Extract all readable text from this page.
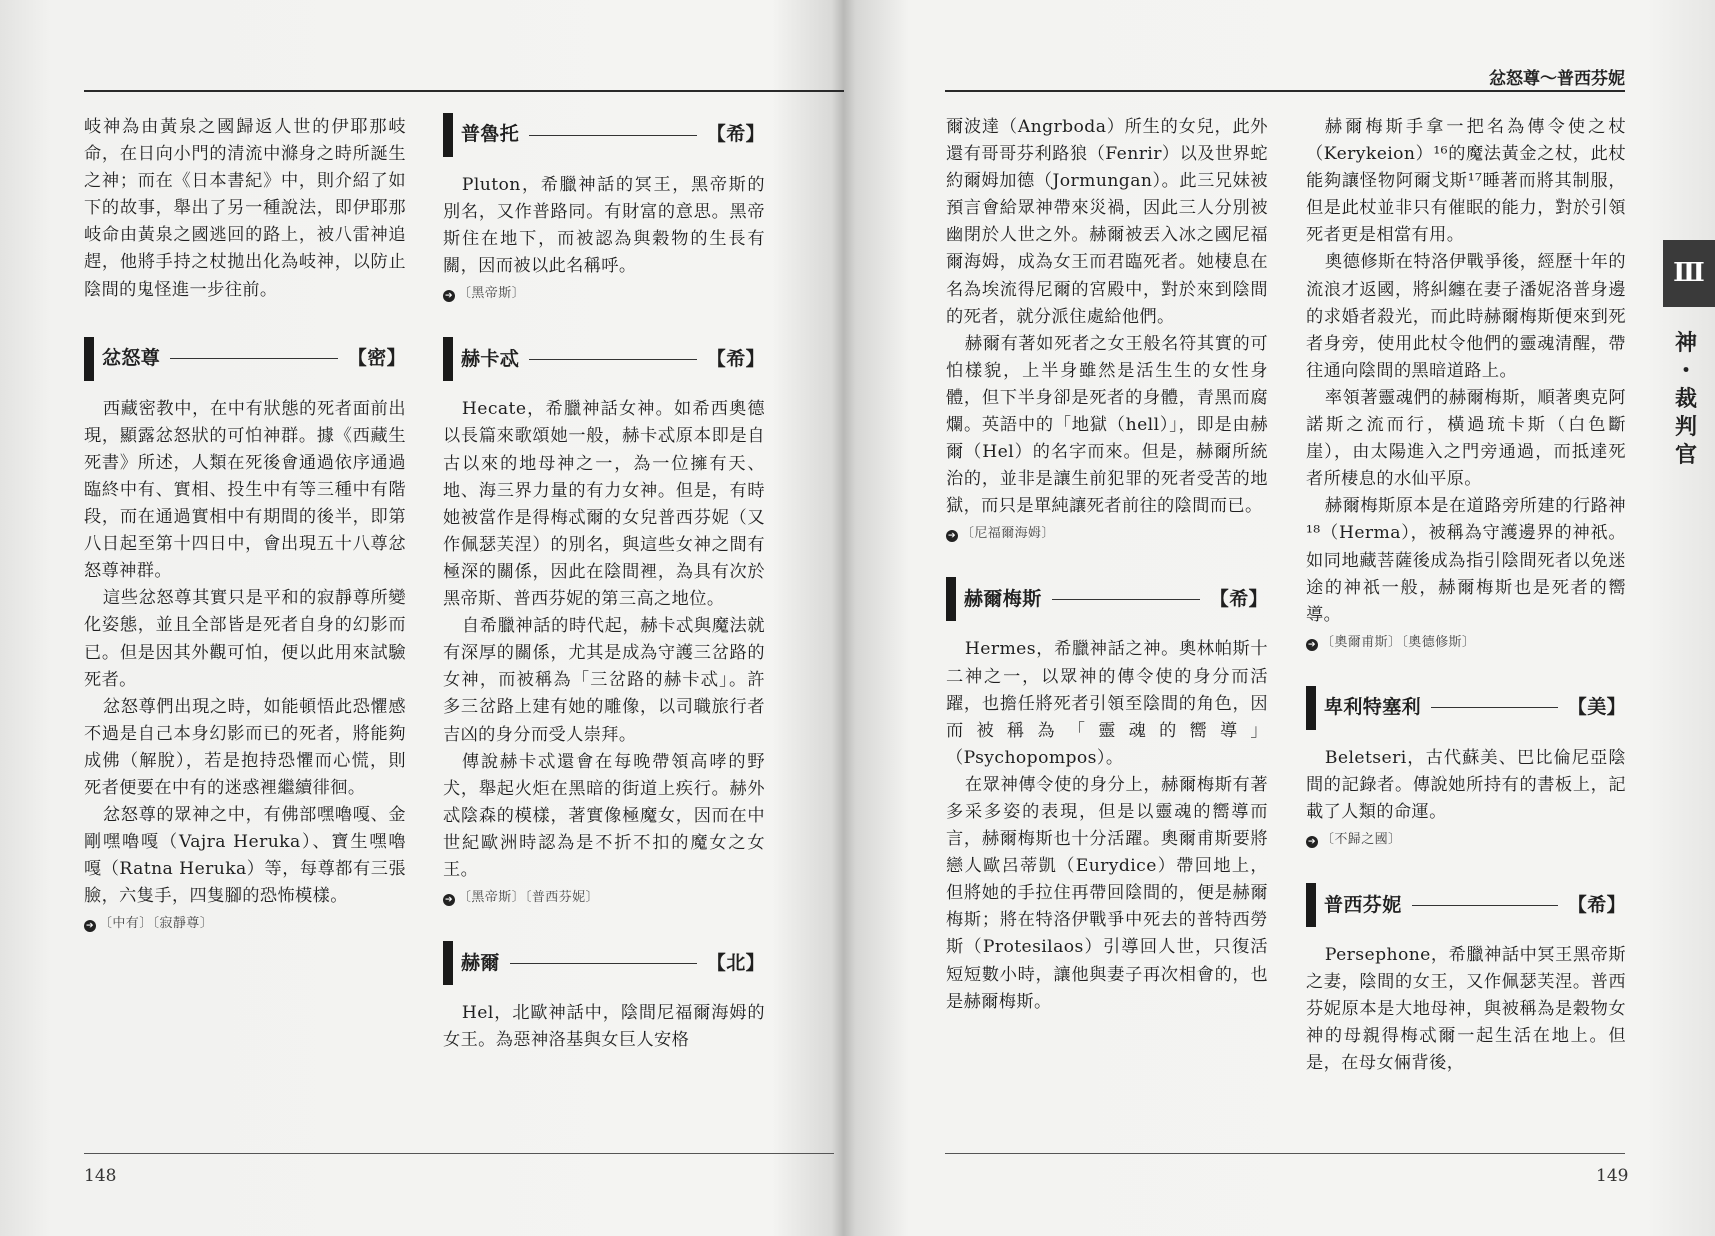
忿怒尊～普西芬妮
148	149
Ⅲ
神
・
裁
判
官

岐神為由黃泉之國歸返人世的伊耶那岐命，在日向小門的清流中滌身之時所誕生之神；而在《日本書紀》中，則介紹了如下的故事，舉出了另一種說法，即伊耶那岐命由黃泉之國逃回的路上，被八雷神追趕，他將手持之杖拋出化為岐神，以防止陰間的鬼怪進一步往前。

忿怒尊	【密】

西藏密教中，在中有狀態的死者面前出現，顯露忿怒狀的可怕神群。據《西藏生死書》所述，人類在死後會通過依序通過臨終中有、實相、投生中有等三種中有階段，而在通過實相中有期間的後半，即第八日起至第十四日中，會出現五十八尊忿怒尊神群。

這些忿怒尊其實只是平和的寂靜尊所變化姿態，並且全部皆是死者自身的幻影而已。但是因其外觀可怕，便以此用來試驗死者。

忿怒尊們出現之時，如能頓悟此恐懼感不過是自己本身幻影而已的死者，將能夠成佛（解脫），若是抱持恐懼而心慌，則死者便要在中有的迷惑裡繼續徘徊。

忿怒尊的眾神之中，有佛部嘿嚕嘎、金剛嘿嚕嘎（Vajra Heruka）、寶生嘿嚕嘎（Ratna Heruka）等，每尊都有三張臉，六隻手，四隻腳的恐怖模樣。

➔ 〔中有〕〔寂靜尊〕
普魯托	【希】

Pluton，希臘神話的冥王，黑帝斯的別名，又作普路同。有財富的意思。黑帝斯住在地下，而被認為與穀物的生長有關，因而被以此名稱呼。

➔ 〔黑帝斯〕
赫卡忒	【希】

Hecate，希臘神話女神。如希西奧德以長篇來歌頌她一般，赫卡忒原本即是自古以來的地母神之一，為一位擁有天、地、海三界力量的有力女神。但是，有時她被當作是得梅忒爾的女兒普西芬妮（又作佩瑟芙涅）的別名，與這些女神之間有極深的關係，因此在陰間裡，為具有次於黑帝斯、普西芬妮的第三高之地位。

自希臘神話的時代起，赫卡忒與魔法就有深厚的關係，尤其是成為守護三岔路的女神，而被稱為「三岔路的赫卡忒」。許多三岔路上建有她的雕像，以司職旅行者吉凶的身分而受人崇拜。

傳說赫卡忒還會在每晚帶領高哮的野犬，舉起火炬在黑暗的街道上疾行。赫外忒陰森的模樣，著實像極魔女，因而在中世紀歐洲時認為是不折不扣的魔女之女王。

➔ 〔黑帝斯〕〔普西芬妮〕
赫爾	【北】

Hel，北歐神話中，陰間尼福爾海姆的女王。為惡神洛基與女巨人安格

爾波達（Angrboda）所生的女兒，此外還有哥哥芬利路狼（Fenrir）以及世界蛇約爾姆加德（Jormungan）。此三兄妹被預言會給眾神帶來災禍，因此三人分別被幽閉於人世之外。赫爾被丟入冰之國尼福爾海姆，成為女王而君臨死者。她棲息在名為埃流得尼爾的宮殿中，對於來到陰間的死者，就分派住處給他們。

赫爾有著如死者之女王般名符其實的可怕樣貌，上半身雖然是活生生的女性身體，但下半身卻是死者的身體，青黑而腐爛。英語中的「地獄（hell）」，即是由赫爾（Hel）的名字而來。但是，赫爾所統治的，並非是讓生前犯罪的死者受苦的地獄，而只是單純讓死者前往的陰間而已。

➔ 〔尼福爾海姆〕
赫爾梅斯	【希】

Hermes，希臘神話之神。奧林帕斯十二神之一，以眾神的傳令使的身分而活躍，也擔任將死者引領至陰間的角色，因而被稱為「靈魂的嚮導」（Psychopompos）。

在眾神傳令使的身分上，赫爾梅斯有著多采多姿的表現，但是以靈魂的嚮導而言，赫爾梅斯也十分活躍。奧爾甫斯要將戀人歐呂蒂凱（Eurydice）帶回地上，但將她的手拉住再帶回陰間的，便是赫爾梅斯；將在特洛伊戰爭中死去的普特西勞斯（Protesilaos）引導回人世，只復活短短數小時，讓他與妻子再次相會的，也是赫爾梅斯。

赫爾梅斯手拿一把名為傳令使之杖（Kerykeion）¹⁶的魔法黃金之杖，此杖能夠讓怪物阿爾戈斯¹⁷睡著而將其制服，但是此杖並非只有催眠的能力，對於引領死者更是相當有用。

奧德修斯在特洛伊戰爭後，經歷十年的流浪才返國，將糾纏在妻子潘妮洛普身邊的求婚者殺光，而此時赫爾梅斯便來到死者身旁，使用此杖令他們的靈魂清醒，帶往通向陰間的黑暗道路上。

率領著靈魂們的赫爾梅斯，順著奧克阿諾斯之流而行，橫過琉卡斯（白色斷崖），由太陽進入之門旁通過，而抵達死者所棲息的水仙平原。

赫爾梅斯原本是在道路旁所建的行路神¹⁸（Herma），被稱為守護邊界的神祇。如同地藏菩薩後成為指引陰間死者以免迷途的神祇一般，赫爾梅斯也是死者的嚮導。

➔ 〔奧爾甫斯〕〔奧德修斯〕
卑利特塞利	【美】

Beletseri，古代蘇美、巴比倫尼亞陰間的記錄者。傳說她所持有的書板上，記載了人類的命運。

➔ 〔不歸之國〕
普西芬妮	【希】

Persephone，希臘神話中冥王黑帝斯之妻，陰間的女王，又作佩瑟芙涅。普西芬妮原本是大地母神，與被稱為是穀物女神的母親得梅忒爾一起生活在地上。但是，在母女倆背後，
